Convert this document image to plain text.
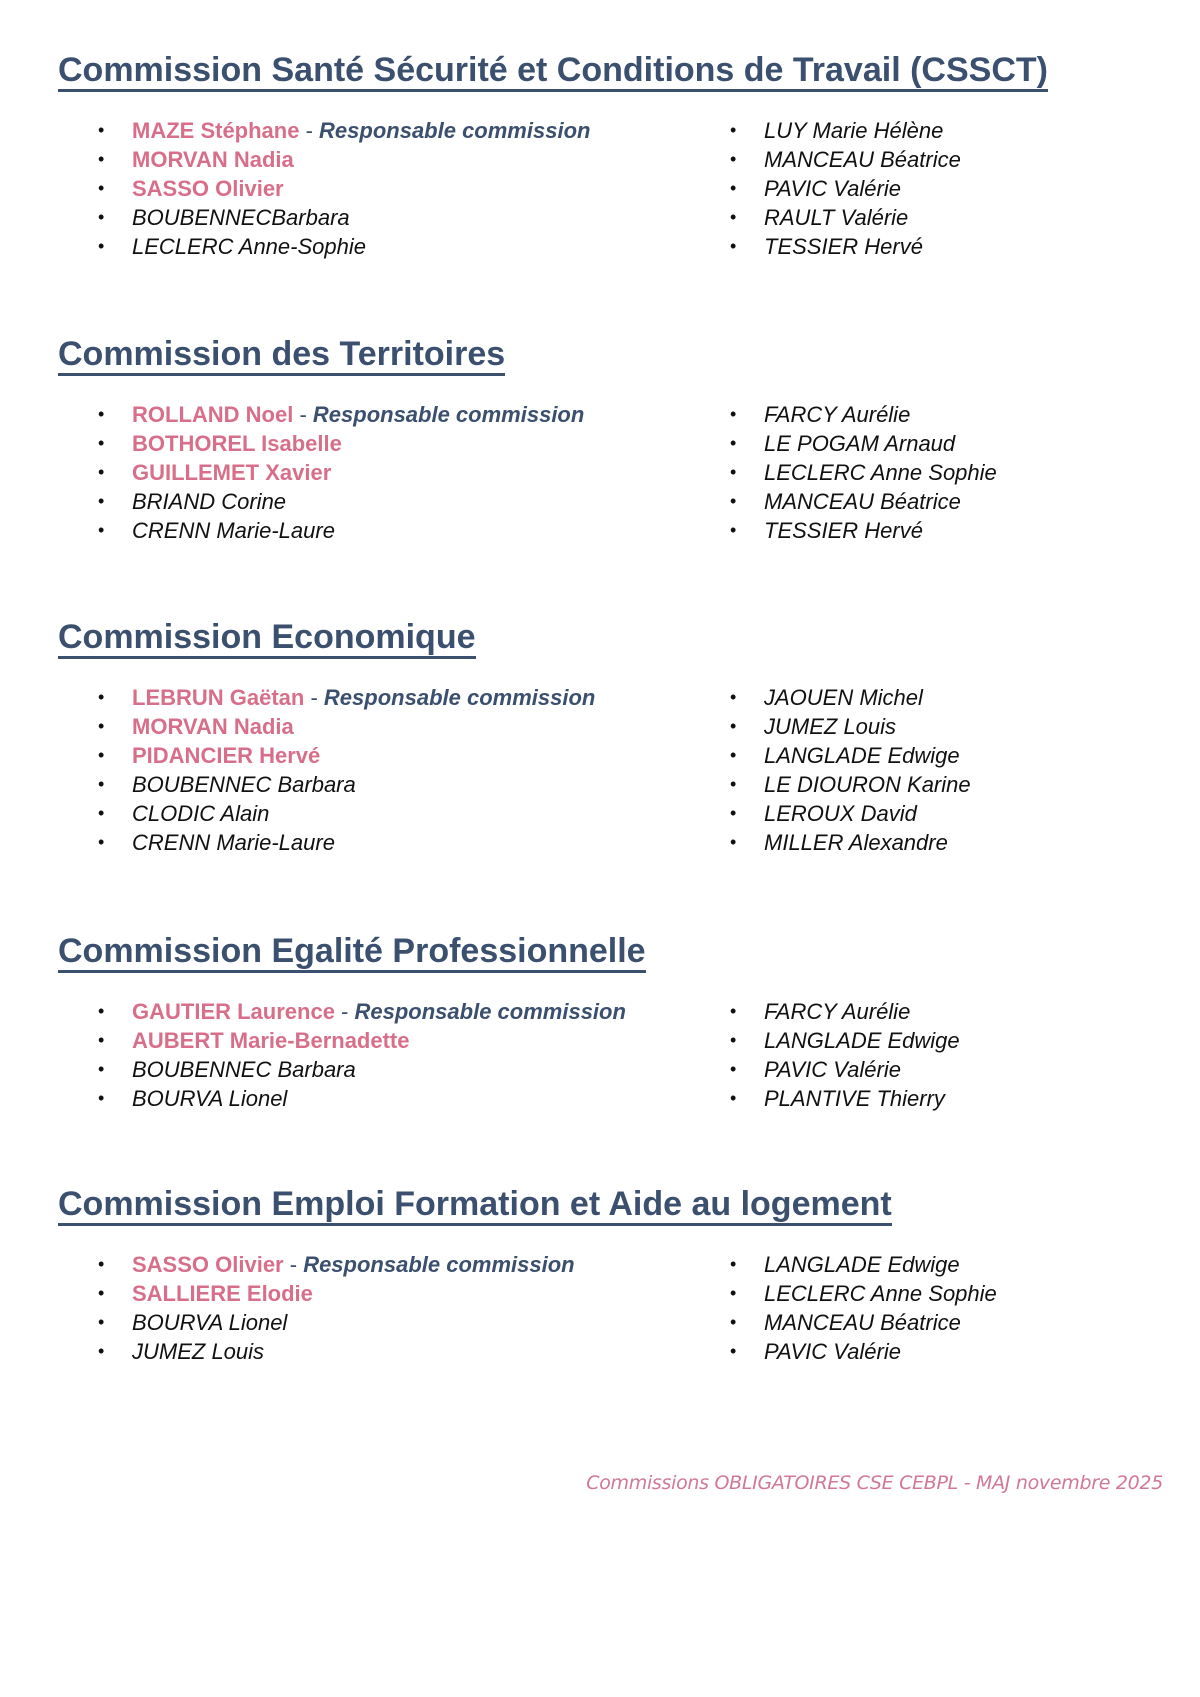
Commission Santé Sécurité et Conditions de Travail (CSSCT)
• MAZE Stéphane - Responsable commission
• MORVAN Nadia
• SASSO Olivier
• BOUBENNECBarbara
• LECLERC Anne-Sophie
• LUY Marie Hélène
• MANCEAU Béatrice
• PAVIC Valérie
• RAULT Valérie
• TESSIER Hervé
Commission des Territoires
• ROLLAND Noel - Responsable commission
• BOTHOREL Isabelle
• GUILLEMET Xavier
• BRIAND Corine
• CRENN Marie-Laure
• FARCY Aurélie
• LE POGAM Arnaud
• LECLERC Anne Sophie
• MANCEAU Béatrice
• TESSIER Hervé
Commission Economique
• LEBRUN Gaëtan - Responsable commission
• MORVAN Nadia
• PIDANCIER Hervé
• BOUBENNEC Barbara
• CLODIC Alain
• CRENN Marie-Laure
• JAOUEN Michel
• JUMEZ Louis
• LANGLADE Edwige
• LE DIOURON Karine
• LEROUX David
• MILLER Alexandre
Commission Egalité Professionnelle
• GAUTIER Laurence - Responsable commission
• AUBERT Marie-Bernadette
• BOUBENNEC Barbara
• BOURVA Lionel
• FARCY Aurélie
• LANGLADE Edwige
• PAVIC Valérie
• PLANTIVE Thierry
Commission Emploi Formation et Aide au logement
• SASSO Olivier - Responsable commission
• SALLIERE Elodie
• BOURVA Lionel
• JUMEZ Louis
• LANGLADE Edwige
• LECLERC Anne Sophie
• MANCEAU Béatrice
• PAVIC Valérie
Commissions OBLIGATOIRES CSE CEBPL - MAJ novembre 2025
